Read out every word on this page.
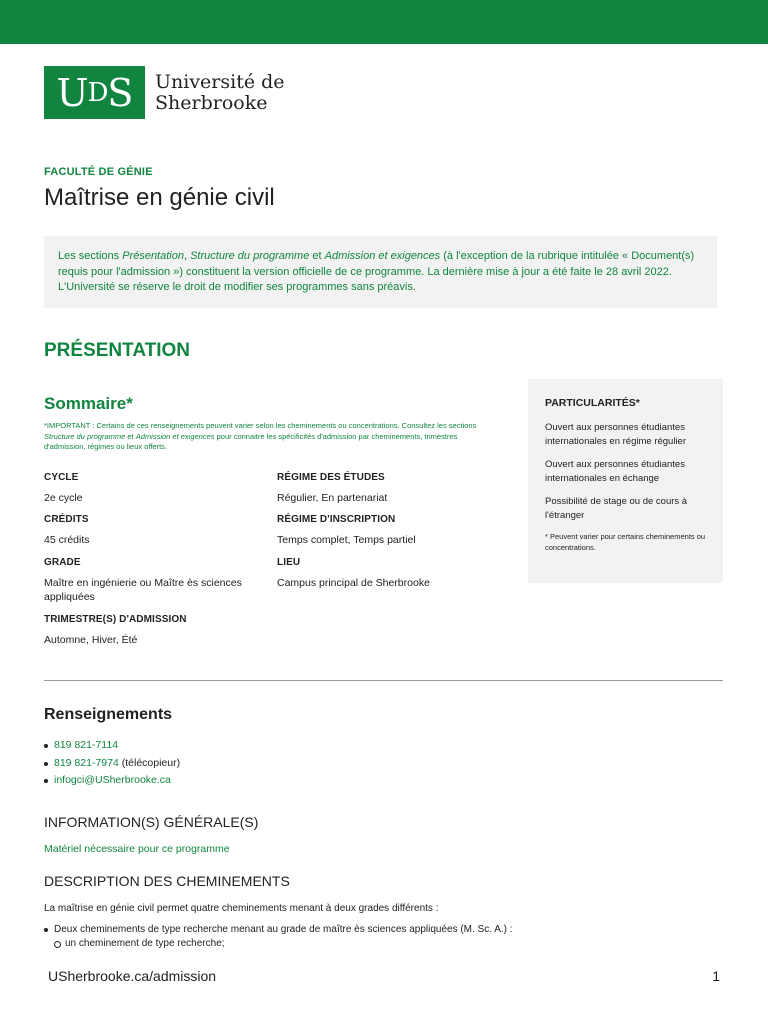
U D S Université de
Sherbrooke
FACULTÉ DE GÉNIE
Maîtrise en génie civil
Les sections Présentation, Structure du programme et Admission et exigences (à l'exception de la rubrique intitulée « Document(s) requis pour l'admission ») constituent la version officielle de ce programme. La dernière mise à jour a été faite le 28 avril 2022. L'Université se réserve le droit de modifier ses programmes sans préavis.
PRÉSENTATION
Sommaire*
*IMPORTANT : Certains de ces renseignements peuvent varier selon les cheminements ou concentrations. Consultez les sections Structure du programme et Admission et exigences pour connaitre les spécificités d'admission par cheminements, trimestres d'admission, régimes ou lieux offerts.
CYCLE
2e cycle
RÉGIME DES ÉTUDES
Régulier, En partenariat
CRÉDITS
45 crédits
RÉGIME D'INSCRIPTION
Temps complet, Temps partiel
GRADE
Maître en ingénierie ou Maître ès sciences appliquées
LIEU
Campus principal de Sherbrooke
TRIMESTRE(S) D'ADMISSION
Automne, Hiver, Été
PARTICULARITÉS*
Ouvert aux personnes étudiantes internationales en régime régulier
Ouvert aux personnes étudiantes internationales en échange
Possibilité de stage ou de cours à l'étranger
* Peuvent varier pour certains cheminements ou concentrations.
Renseignements
819 821-7114
819 821-7974 (télécopieur)
infogci@USherbrooke.ca
INFORMATION(S) GÉNÉRALE(S)
Matériel nécessaire pour ce programme
DESCRIPTION DES CHEMINEMENTS

La maîtrise en génie civil permet quatre cheminements menant à deux grades différents :

Deux cheminements de type recherche menant au grade de maître ès sciences appliquées (M. Sc. A.) :
un cheminement de type recherche;
USherbrooke.ca/admission	1
